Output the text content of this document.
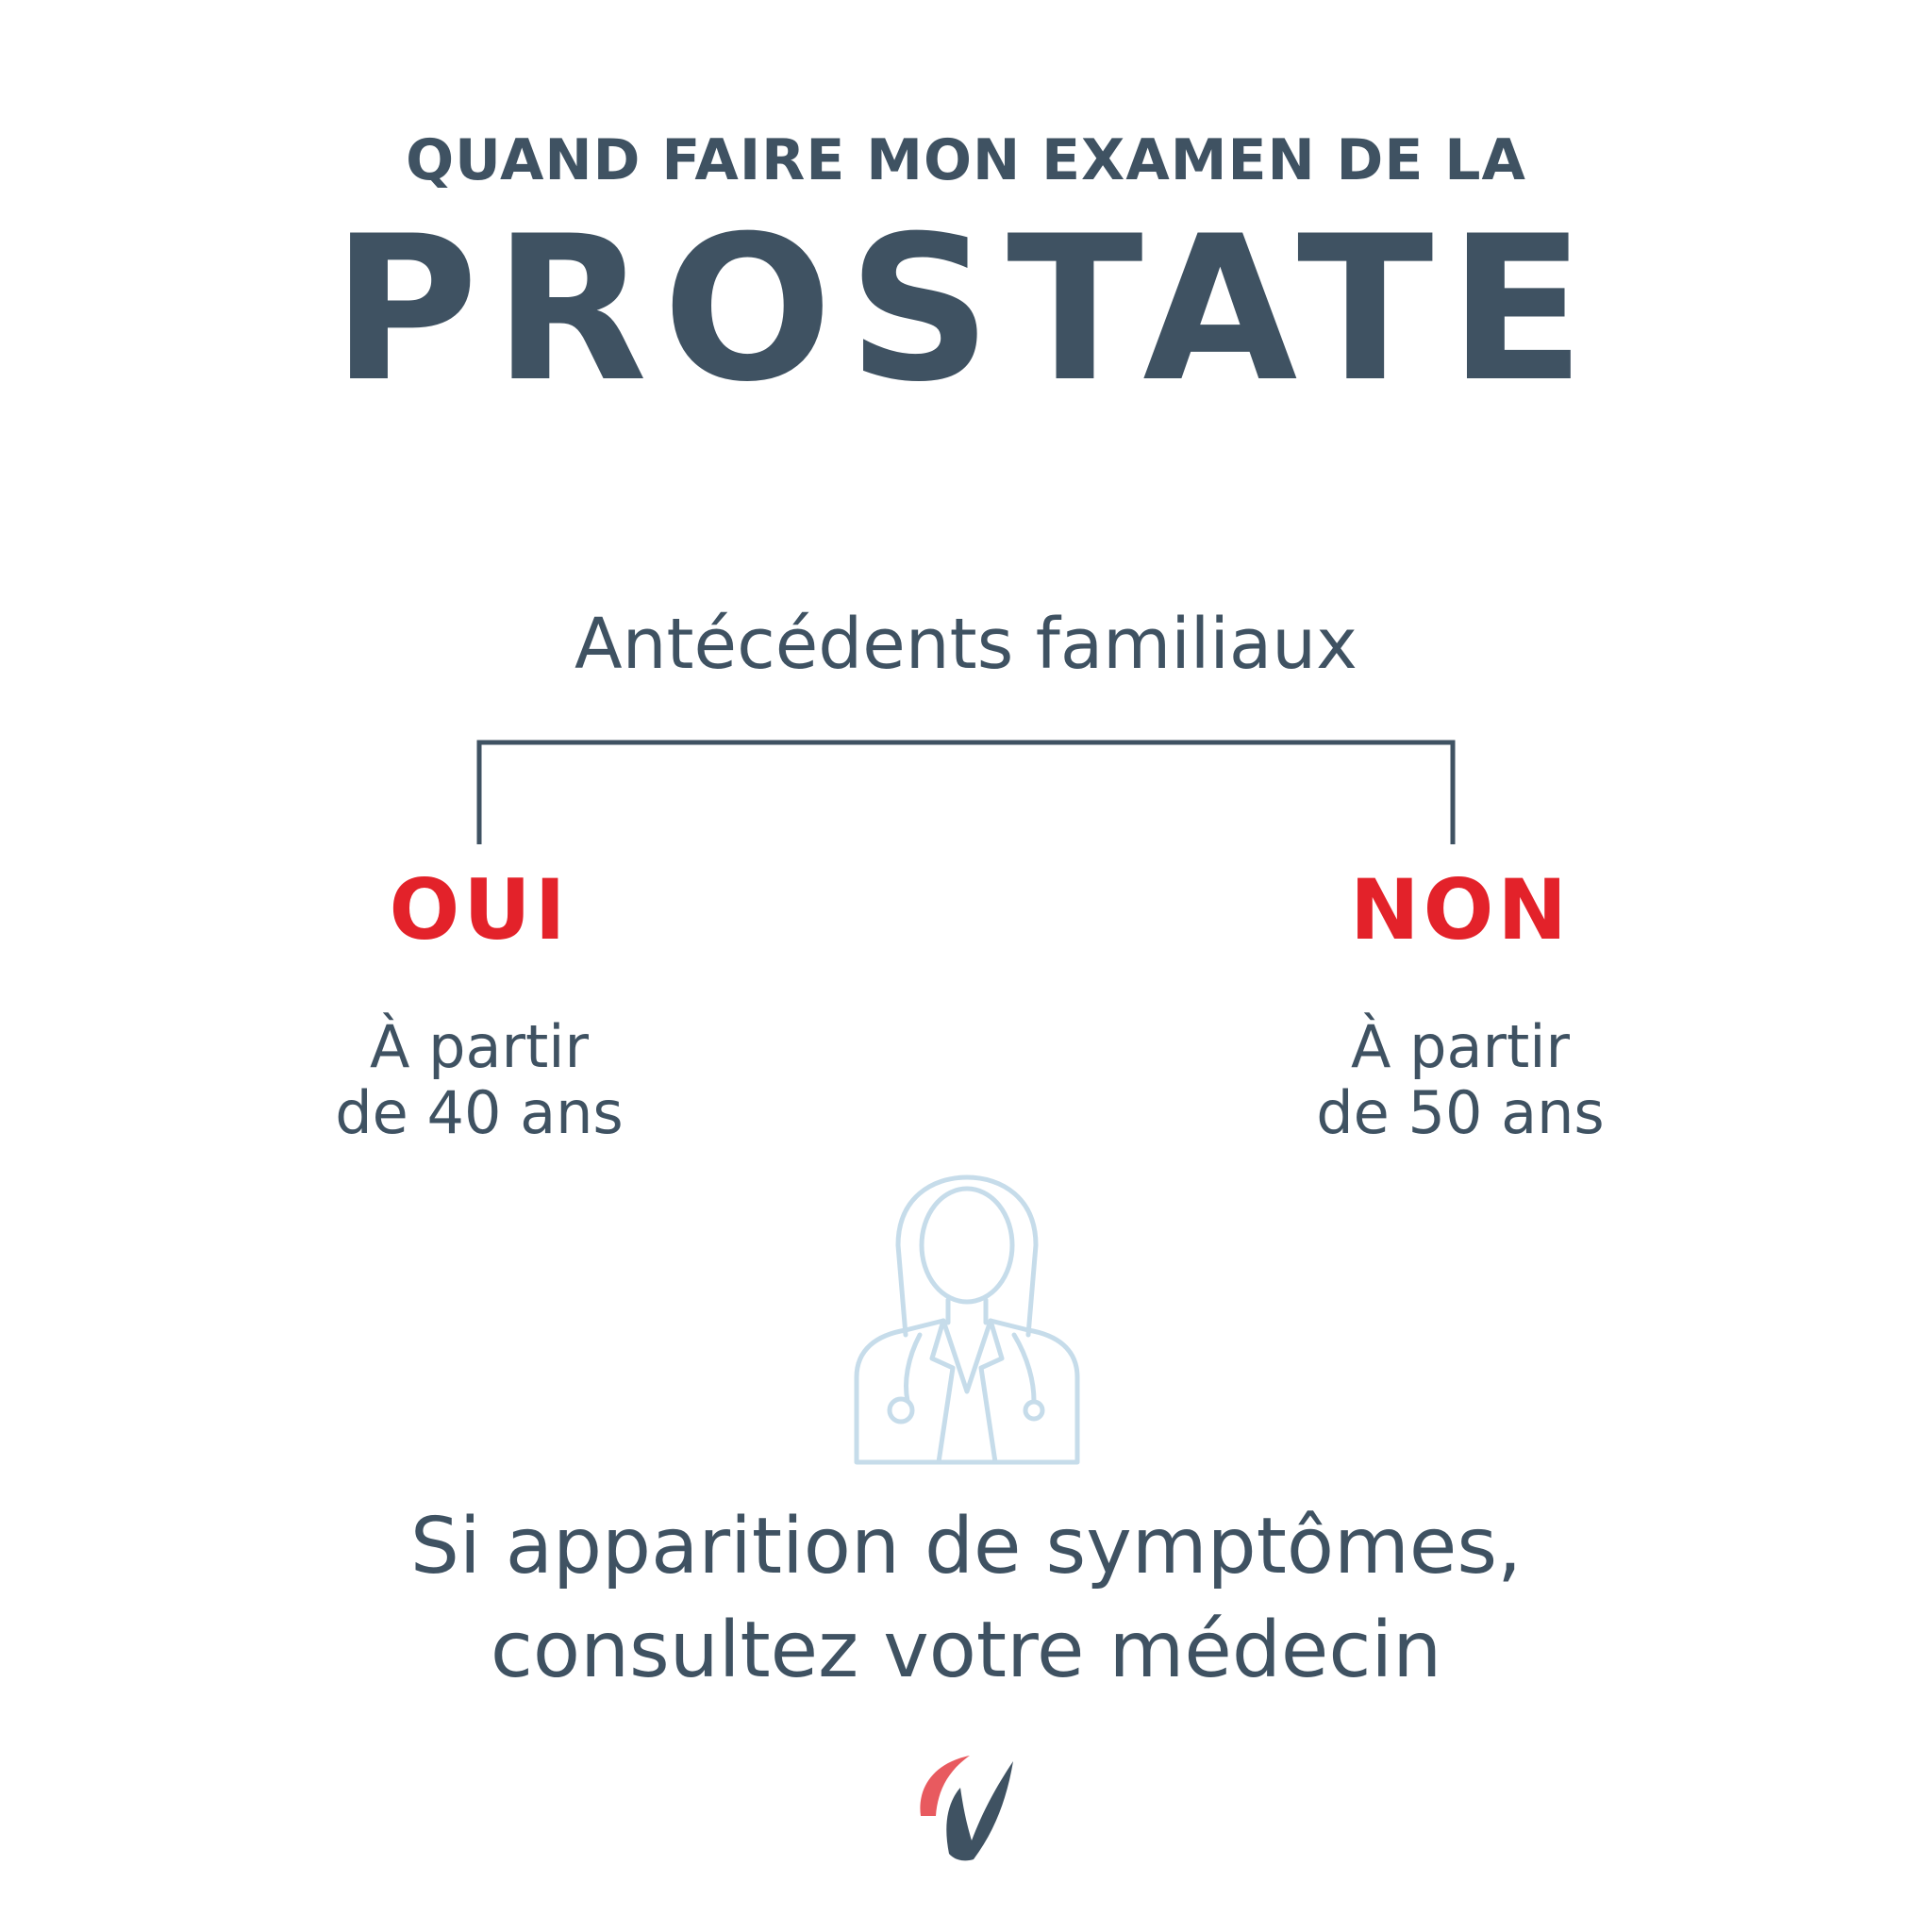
QUAND FAIRE MON EXAMEN DE LA
PROSTATE
Antécédents familiaux
OUI	NON
À partir
de 40 ans
À partir
de 50 ans
Si apparition de symptômes,
consultez votre médecin
